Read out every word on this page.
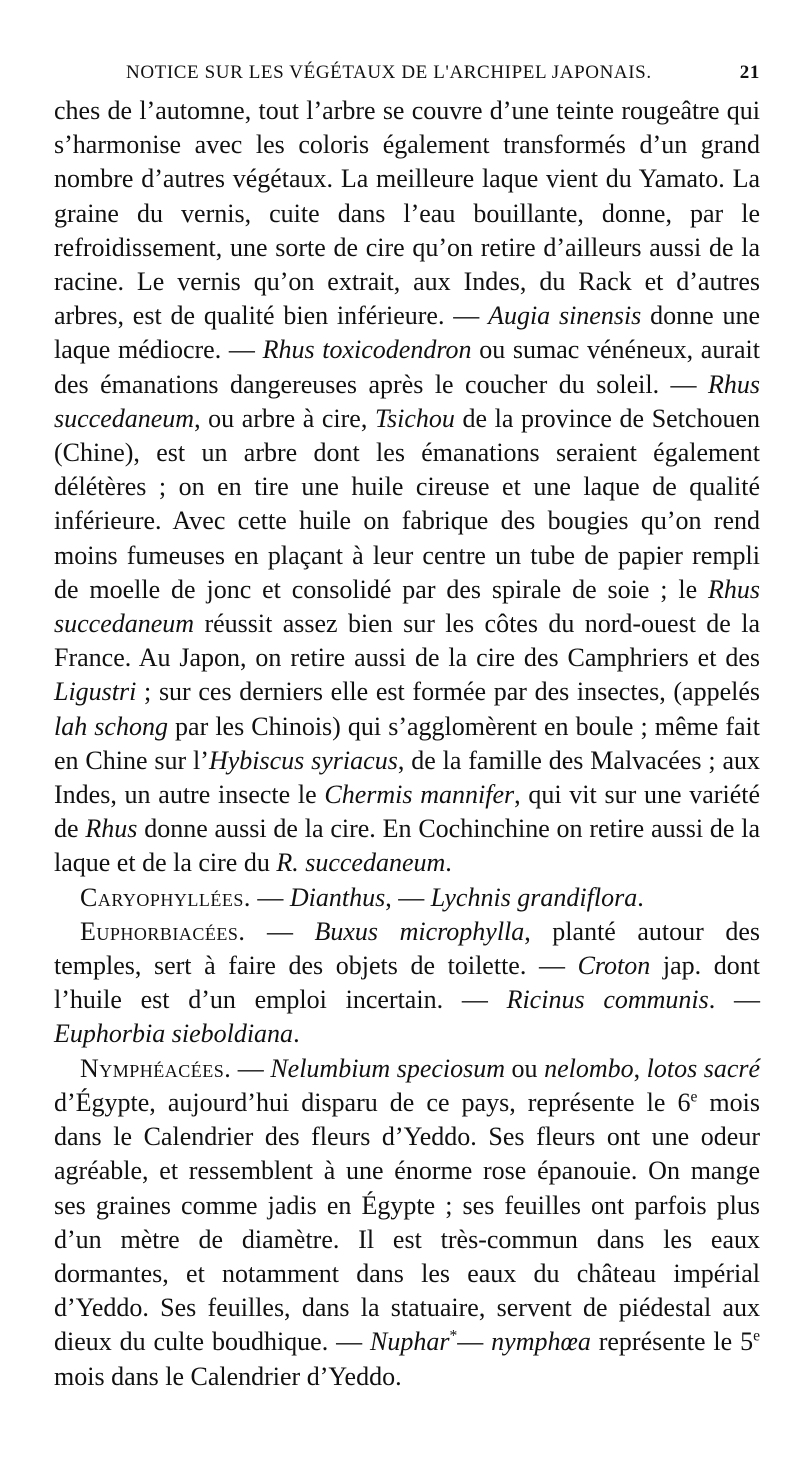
NOTICE SUR LES VÉGÉTAUX DE L'ARCHIPEL JAPONAIS.	21

ches de l’automne, tout l’arbre se couvre d’une teinte rougeâtre qui s’harmonise avec les coloris également transformés d’un grand nombre d’autres végétaux. La meilleure laque vient du Yamato. La graine du vernis, cuite dans l’eau bouillante, donne, par le refroidissement, une sorte de cire qu’on retire d’ailleurs aussi de la racine. Le vernis qu’on extrait, aux Indes, du Rack et d’autres arbres, est de qualité bien inférieure. — Augia sinensis donne une laque médiocre. — Rhus toxicodendron ou sumac vénéneux, aurait des émanations dangereuses après le coucher du soleil. — Rhus succedaneum, ou arbre à cire, Tsichou de la province de Setchouen (Chine), est un arbre dont les émanations seraient également délétères ; on en tire une huile cireuse et une laque de qualité inférieure. Avec cette huile on fabrique des bougies qu’on rend moins fumeuses en plaçant à leur centre un tube de papier rempli de moelle de jonc et consolidé par des spirale de soie ; le Rhus succedaneum réussit assez bien sur les côtes du nord-ouest de la France. Au Japon, on retire aussi de la cire des Camphriers et des Ligustri ; sur ces derniers elle est formée par des insectes, (appelés lah schong par les Chinois) qui s’agglomèrent en boule ; même fait en Chine sur l’Hybiscus syriacus, de la famille des Malvacées ; aux Indes, un autre insecte le Chermis mannifer, qui vit sur une variété de Rhus donne aussi de la cire. En Cochinchine on retire aussi de la laque et de la cire du R. succedaneum.

Caryophyllées. — Dianthus, — Lychnis grandiflora.

Euphorbiacées. — Buxus microphylla, planté autour des temples, sert à faire des objets de toilette. — Croton jap. dont l’huile est d’un emploi incertain. — Ricinus communis. — Euphorbia sieboldiana.

Nymphéacées. — Nelumbium speciosum ou nelombo, lotos sacré d’Égypte, aujourd’hui disparu de ce pays, représente le 6e mois dans le Calendrier des fleurs d’Yeddo. Ses fleurs ont une odeur agréable, et ressemblent à une énorme rose épanouie. On mange ses graines comme jadis en Égypte ; ses feuilles ont parfois plus d’un mètre de diamètre. Il est très-commun dans les eaux dormantes, et notamment dans les eaux du château impérial d’Yeddo. Ses feuilles, dans la statuaire, servent de piédestal aux dieux du culte boudhique. — Nuphar*— nymphœa représente le 5e mois dans le Calendrier d’Yeddo.
